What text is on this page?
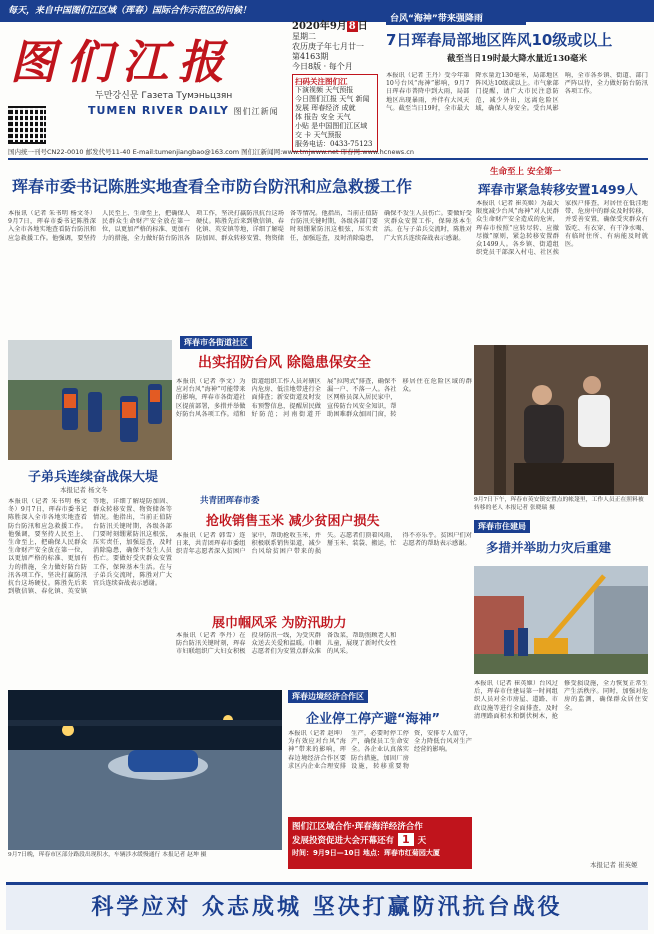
每天，来自中国图们江区域（珲春）国际合作示范区的问候！
图们江报
두만강신문 Газета Тумэньцзян
TUMEN RIVER DAILY 图们江新闻
2020年9月 8 日
星期二
农历庚子年七月廿一
第4163期
今日8版 · 每个月
扫码关注图们江
下演视频 天气预报
今日图们江报 天气 新闻
发展 珲春经济 成就
体 报告 安全 天气
小贴 是中国图们江区域
交 卡 天气预报
服务电话：0433-75123
台风“海神”带来强降雨
7日珲春局部地区阵风10级或以上
截至当日19时最大降水量近130毫米
本报讯（记者 王丹）受今年第10号台风“海神”影响，9月7日珲春市普降中到大雨，局部地区出现暴雨，并伴有大风天气。截至当日19时，全市最大降水量近130毫米，局部地区阵风达10级或以上。市气象部门提醒，请广大市民注意防范，减少外出，远离危险区域，确保人身安全。受台风影响，全市各乡镇、街道、部门严阵以待，全力做好防台防汛各项工作。
国内统一刊号CN22-0010 邮发代号11-40 E-mail:tumenjiangbao@163.com 图们江新闻网:www.tmjwww.net 珲春网:www.hcnews.cn
珲春市委书记陈胜实地查看全市防台防汛和应急救援工作
本报讯（记者 朱书明 杨文冬）9月7日，珲春市委书记陈胜深入全市各地实地查看防台防汛和应急救援工作。他强调，要坚持人民至上、生命至上，把确保人民群众生命财产安全放在第一位，以更加严格的标准、更加有力的措施，全力做好防台防汛各项工作，坚决打赢防汛抗台这场硬仗。陈胜先后来到敬信镇、春化镇、英安镇等地，详细了解堤防加固、群众转移安置、物资储备等情况。他指出，当前正值防台防汛关键时期，各级各部门要时刻绷紧防汛这根弦，压实责任，加强巡查，及时消除隐患，确保不发生人员伤亡。要做好受灾群众安置工作，保障基本生活。在与子弟兵交流时，陈胜对广大官兵连续奋战表示感谢。
生命至上 安全第一
珲春市紧急转移安置1499人
本报讯（记者 崔英姬）为最大限度减少台风“海神”对人民群众生命财产安全造成的危害，珲春市按照“应转尽转、应撤尽撤”原则，紧急转移安置群众1499人。各乡镇、街道组织党员干部深入村屯、社区挨家挨户排查，对居住在低洼地带、危房中的群众及时转移，并妥善安置，确保受灾群众有饭吃、有衣穿、有干净水喝、有临时住所、有病能及时就医。
9月7日下午，珲春市英安镇安置点的帐篷里，工作人员正在照料被转移的老人 本报记者 张晓瑞 摄
珲春市各街道社区
出实招防台风 除隐患保安全
本报讯（记者 李文）为应对台风“海神”可能带来的影响，珲春市各街道社区提前部署，多措并举做好防台风各项工作。靖和街道组织工作人员对辖区内危房、低洼地带进行全面排查；新安街道及时发布预警信息，提醒居民做好防范；河南街道开展“拉网式”排查，确保不漏一户、不落一人。各社区网格员深入居民家中，宣传防台风安全知识，帮助困难群众加固门窗，转移居住在危险区域的群众。
子弟兵连续奋战保大堤
本报记者 杨文冬
本报讯（记者 朱书明 杨文冬）9月7日，珲春市委书记陈胜深入全市各地实地查看防台防汛和应急救援工作。他强调，要坚持人民至上、生命至上，把确保人民群众生命财产安全放在第一位，以更加严格的标准、更加有力的措施，全力做好防台防汛各项工作，坚决打赢防汛抗台这场硬仗。陈胜先后来到敬信镇、春化镇、英安镇等地，详细了解堤防加固、群众转移安置、物资储备等情况。他指出，当前正值防台防汛关键时期，各级各部门要时刻绷紧防汛这根弦，压实责任，加强巡查，及时消除隐患，确保不发生人员伤亡。要做好受灾群众安置工作，保障基本生活。在与子弟兵交流时，陈胜对广大官兵连续奋战表示感谢。
共青团珲春市委
抢收销售玉米 减少贫困户损失
本报讯（记者 韩雪）连日来，共青团珲春市委组织青年志愿者深入贫困户家中，帮助抢收玉米，并积极联系销售渠道，减少台风给贫困户带来的损失。志愿者们顶着风雨，掰玉米、装袋、搬运，忙得不亦乐乎。贫困户们对志愿者的帮助表示感谢。
展巾帼风采 为防汛助力
本报讯（记者 李丹）在防台防汛关键时刻，珲春市妇联组织广大妇女积极投身防汛一线，为受灾群众送去关爱和温暖。巾帼志愿者们为安置点群众准备饭菜，帮助照顾老人和儿童，展现了新时代女性的风采。
珲春市住建局
多措并举助力灾后重建
本报讯（记者 崔英姬）台风过后，珲春市住建局第一时间组织人员对全市房屋、道路、市政设施等进行全面排查，及时清理路面积水和倒伏树木，抢修受损设施，全力恢复正常生产生活秩序。同时，加强对危房的监测，确保群众居住安全。
本报记者 崔英姬
珲春边境经济合作区
企业停工停产避“海神”
本报讯（记者 赵坤）为有效应对台风“海神”带来的影响，珲春边境经济合作区要求区内企业合理安排生产，必要时停工停产，确保员工生命安全。各企业认真落实防台措施，加固厂房设施，转移重要物资，安排专人值守，全力降低台风对生产经营的影响。
9月7日晚，珲春市区部分路段出现积水，车辆涉水缓慢通行 本报记者 赵坤 摄
图们江区域合作·珲春海洋经济合作
发展投资促进大会开幕还有 1 天
时间：9月9日—10日 地点：珲春市红菊园大厦
科学应对 众志成城 坚决打赢防汛抗台战役
